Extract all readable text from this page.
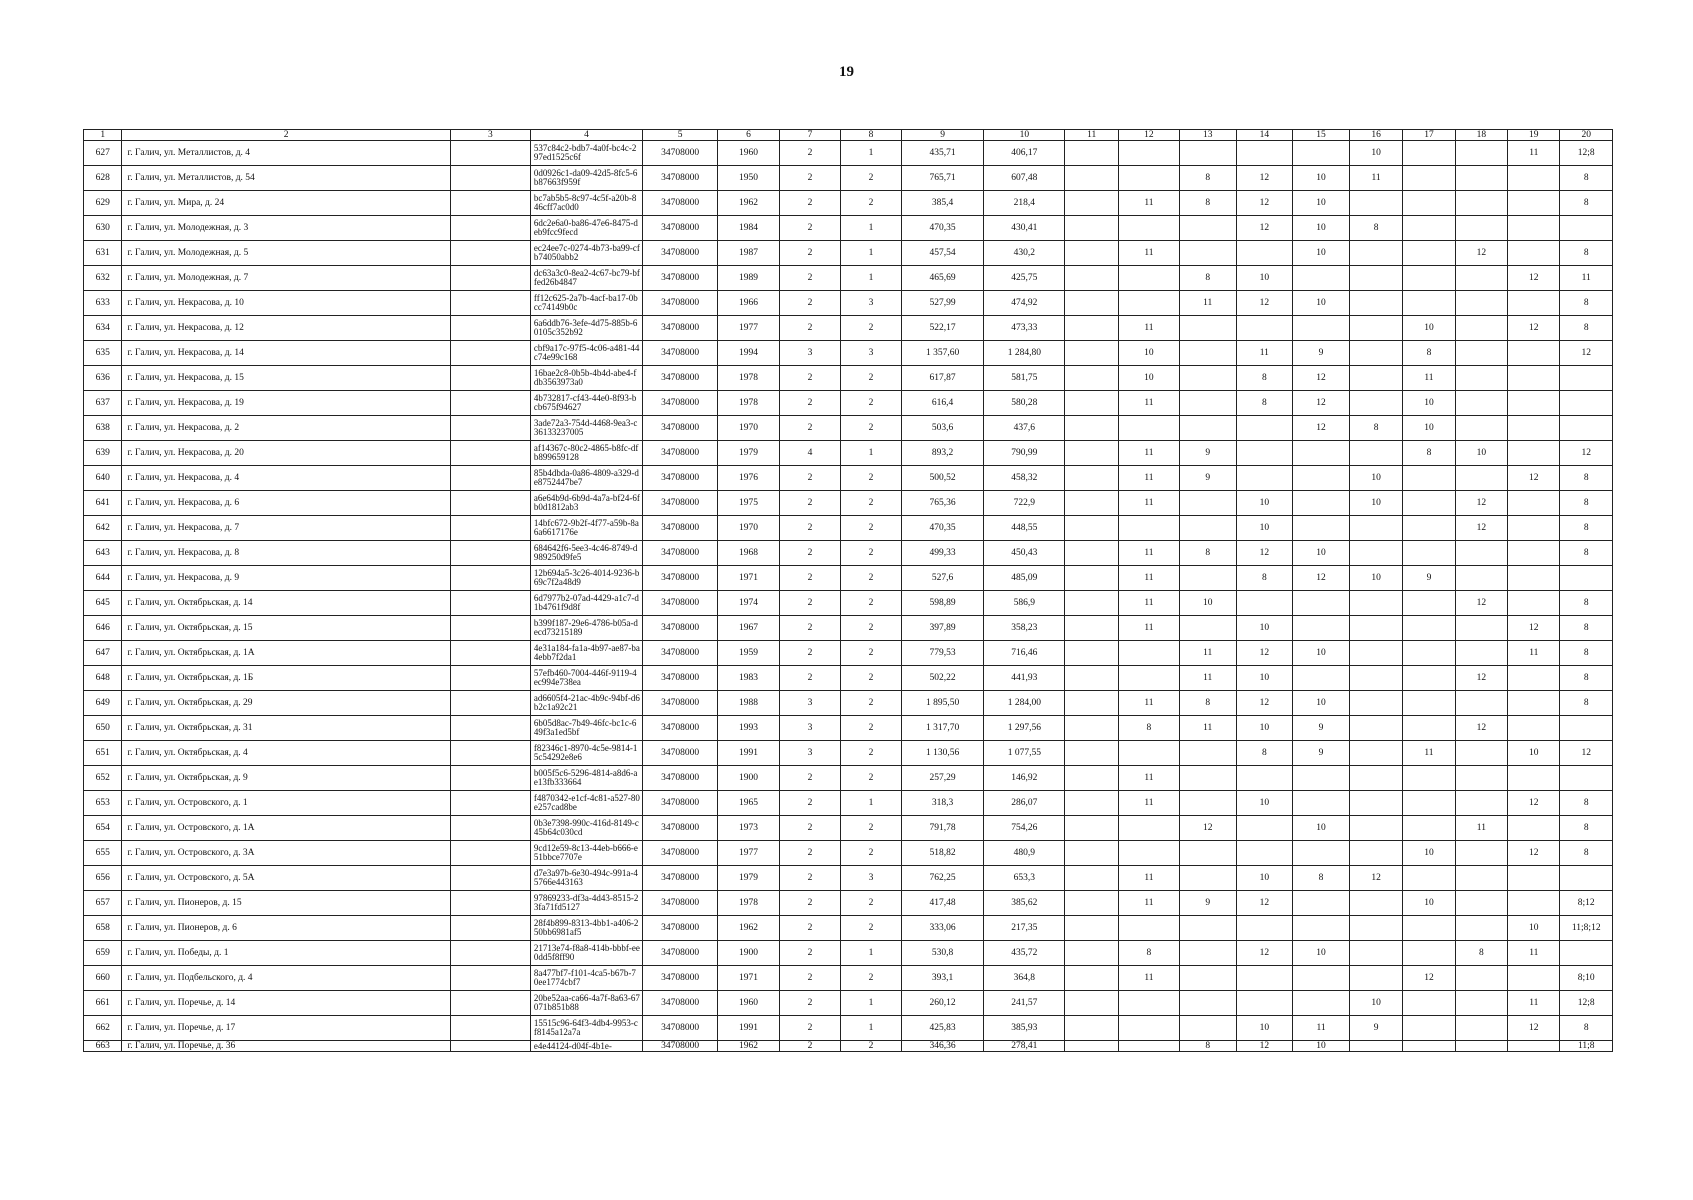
19
1	2	3	4	5	6	7	8	9	10	11	12	13	14	15	16	17	18	19	20
627	г. Галич, ул. Металлистов, д. 4		537c84c2-bdb7-4a0f-bc4c-297ed1525c6f	34708000	1960	2	1	435,71	406,17						10			11	12;8
628	г. Галич, ул. Металлистов, д. 54		0d0926c1-da09-42d5-8fc5-6b87663f959f	34708000	1950	2	2	765,71	607,48			8	12	10	11				8
629	г. Галич, ул. Мира, д. 24		bc7ab5b5-8c97-4c5f-a20b-846cff7ac0d0	34708000	1962	2	2	385,4	218,4		11	8	12	10					8
630	г. Галич, ул. Молодежная, д. 3		6dc2e6a0-ba86-47e6-8475-deb9fcc9fecd	34708000	1984	2	1	470,35	430,41				12	10	8				
631	г. Галич, ул. Молодежная, д. 5		ec24ee7c-0274-4b73-ba99-cfb74050abb2	34708000	1987	2	1	457,54	430,2		11			10			12		8
632	г. Галич, ул. Молодежная, д. 7		dc63a3c0-8ea2-4c67-bc79-bffed26b4847	34708000	1989	2	1	465,69	425,75			8	10					12	11
633	г. Галич, ул. Некрасова, д. 10		ff12c625-2a7b-4acf-ba17-0bcc74149b0c	34708000	1966	2	3	527,99	474,92			11	12	10					8
634	г. Галич, ул. Некрасова, д. 12		6a6ddb76-3efe-4d75-885b-60105c352b92	34708000	1977	2	2	522,17	473,33		11					10		12	8
635	г. Галич, ул. Некрасова, д. 14		cbf9a17c-97f5-4c06-a481-44c74e99c168	34708000	1994	3	3	1 357,60	1 284,80		10		11	9		8			12
636	г. Галич, ул. Некрасова, д. 15		16bae2c8-0b5b-4b4d-abe4-fdb3563973a0	34708000	1978	2	2	617,87	581,75		10		8	12		11			
637	г. Галич, ул. Некрасова, д. 19		4b732817-cf43-44e0-8f93-bcb675f94627	34708000	1978	2	2	616,4	580,28		11		8	12		10			
638	г. Галич, ул. Некрасова, д. 2		3ade72a3-754d-4468-9ea3-c36133237005	34708000	1970	2	2	503,6	437,6					12	8	10			
639	г. Галич, ул. Некрасова, д. 20		af14367c-80c2-4865-b8fc-dfb899659128	34708000	1979	4	1	893,2	790,99		11	9				8	10		12
640	г. Галич, ул. Некрасова, д. 4		85b4dbda-0a86-4809-a329-de8752447be7	34708000	1976	2	2	500,52	458,32		11	9			10			12	8
641	г. Галич, ул. Некрасова, д. 6		a6e64b9d-6b9d-4a7a-bf24-6fb0d1812ab3	34708000	1975	2	2	765,36	722,9		11		10		10		12		8
642	г. Галич, ул. Некрасова, д. 7		14bfc672-9b2f-4f77-a59b-8a6a6617176e	34708000	1970	2	2	470,35	448,55				10				12		8
643	г. Галич, ул. Некрасова, д. 8		684642f6-5ee3-4c46-8749-d989250d9fe5	34708000	1968	2	2	499,33	450,43		11	8	12	10					8
644	г. Галич, ул. Некрасова, д. 9		12b694a5-3c26-4014-9236-b69c7f2a48d9	34708000	1971	2	2	527,6	485,09		11		8	12	10	9			
645	г. Галич, ул. Октябрьская, д. 14		6d7977b2-07ad-4429-a1c7-d1b4761f9d8f	34708000	1974	2	2	598,89	586,9		11	10					12		8
646	г. Галич, ул. Октябрьская, д. 15		b399f187-29e6-4786-b05a-decd73215189	34708000	1967	2	2	397,89	358,23		11		10					12	8
647	г. Галич, ул. Октябрьская, д. 1А		4e31a184-fa1a-4b97-ae87-ba4ebb7f2da1	34708000	1959	2	2	779,53	716,46			11	12	10				11	8
648	г. Галич, ул. Октябрьская, д. 1Б		57efb460-7004-446f-9119-4ec994e738ea	34708000	1983	2	2	502,22	441,93			11	10				12		8
649	г. Галич, ул. Октябрьская, д. 29		ad6605f4-21ac-4b9c-94bf-d6b2c1a92c21	34708000	1988	3	2	1 895,50	1 284,00		11	8	12	10					8
650	г. Галич, ул. Октябрьская, д. 31		6b05d8ac-7b49-46fc-bc1c-649f3a1ed5bf	34708000	1993	3	2	1 317,70	1 297,56		8	11	10	9			12		
651	г. Галич, ул. Октябрьская, д. 4		f82346c1-8970-4c5e-9814-15c54292e8e6	34708000	1991	3	2	1 130,56	1 077,55				8	9		11		10	12
652	г. Галич, ул. Октябрьская, д. 9		b005f5c6-5296-4814-a8d6-ae13fb333664	34708000	1900	2	2	257,29	146,92		11								
653	г. Галич, ул. Островского, д. 1		f4870342-e1cf-4c81-a527-80e257cad8be	34708000	1965	2	1	318,3	286,07		11		10					12	8
654	г. Галич, ул. Островского, д. 1А		0b3e7398-990c-416d-8149-c45b64c030cd	34708000	1973	2	2	791,78	754,26			12		10			11		8
655	г. Галич, ул. Островского, д. 3А		9cd12e59-8c13-44eb-b666-e51bbce7707e	34708000	1977	2	2	518,82	480,9							10		12	8
656	г. Галич, ул. Островского, д. 5А		d7e3a97b-6e30-494c-991a-45766e443163	34708000	1979	2	3	762,25	653,3		11		10	8	12				
657	г. Галич, ул. Пионеров, д. 15		97869233-df3a-4d43-8515-23fa71fd5127	34708000	1978	2	2	417,48	385,62		11	9	12			10			8;12
658	г. Галич, ул. Пионеров, д. 6		28f4b899-8313-4bb1-a406-250bb6981af5	34708000	1962	2	2	333,06	217,35									10	11;8;12
659	г. Галич, ул. Победы, д. 1		21713e74-f8a8-414b-bbbf-ee0dd5f8ff90	34708000	1900	2	1	530,8	435,72		8		12	10			8	11	
660	г. Галич, ул. Подбельского, д. 4		8a477bf7-f101-4ca5-b67b-70ee1774cbf7	34708000	1971	2	2	393,1	364,8		11					12			8;10
661	г. Галич, ул. Поречье, д. 14		20be52aa-ca66-4a7f-8a63-67071b851b88	34708000	1960	2	1	260,12	241,57						10			11	12;8
662	г. Галич, ул. Поречье, д. 17		15515c96-64f3-4db4-9953-cf8145a12a7a	34708000	1991	2	1	425,83	385,93				10	11	9			12	8
663	г. Галич, ул. Поречье, д. 36		e4e44124-d04f-4b1e-	34708000	1962	2	2	346,36	278,41			8	12	10					11;8
